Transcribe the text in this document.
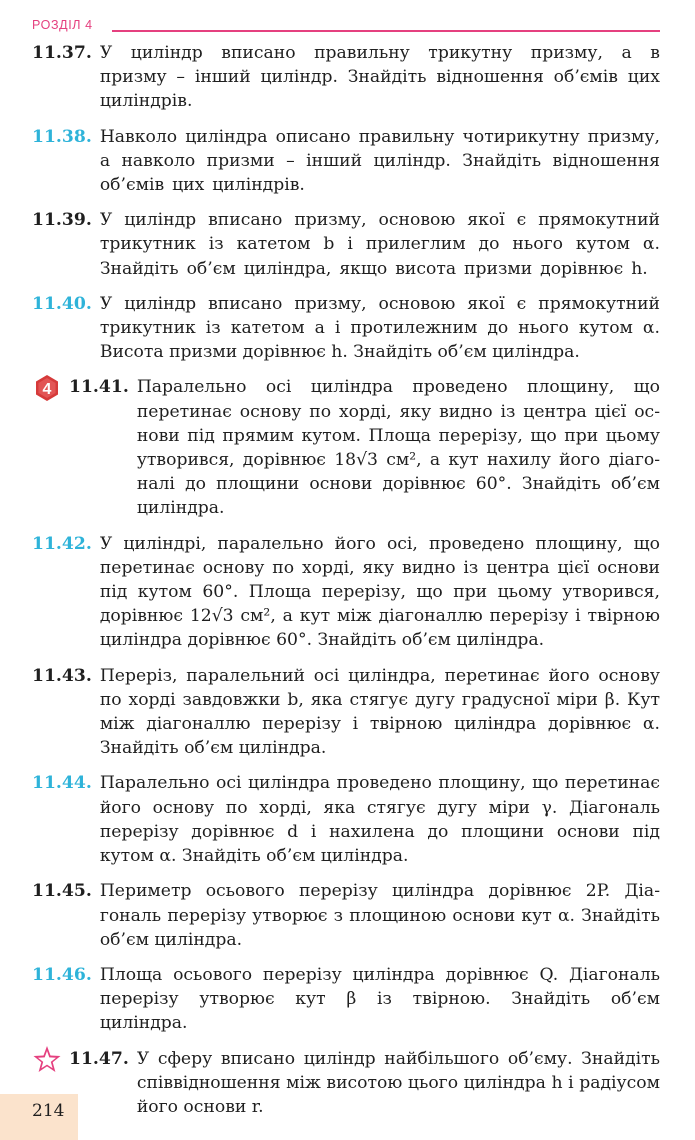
РОЗДІЛ 4
11.37. У циліндр вписано правильну трикутну призму, а в призму – інший циліндр. Знайдіть відношення об’ємів цих циліндрів.
11.38. Навколо циліндра описано правильну чотирикутну призму, а навколо призми – інший циліндр. Знайдіть відношення об’ємів цих циліндрів.
11.39. У циліндр вписано призму, основою якої є прямокутний трикутник із катетом b і прилеглим до нього кутом α. Знайдіть об’єм циліндра, якщо висота призми дорівнює h.
11.40. У циліндр вписано призму, основою якої є прямокутний трикутник із катетом a і протилежним до нього кутом α. Висота призми дорівнює h. Знайдіть об’єм циліндра.
4 11.41. Паралельно осі циліндра проведено площину, що перетинає основу по хорді, яку видно із центра цієї основи під прямим кутом. Площа перерізу, що при цьому утворився, дорівнює 18√3 см², а кут нахилу його діагоналі до площини основи дорівнює 60°. Знайдіть об’єм циліндра.
11.42. У циліндрі, паралельно його осі, проведено площину, що перетинає основу по хорді, яку видно із центра цієї основи під кутом 60°. Площа перерізу, що при цьому утворився, дорівнює 12√3 см², а кут між діагоналлю перерізу і твірною циліндра дорівнює 60°. Знайдіть об’єм циліндра.
11.43. Переріз, паралельний осі циліндра, перетинає його основу по хорді завдовжки b, яка стягує дугу градусної міри β. Кут між діагоналлю перерізу і твірною циліндра дорівнює α. Знайдіть об’єм циліндра.
11.44. Паралельно осі циліндра проведено площину, що перетинає його основу по хорді, яка стягує дугу міри γ. Діагональ перерізу дорівнює d і нахилена до площини основи під кутом α. Знайдіть об’єм циліндра.
11.45. Периметр осьового перерізу циліндра дорівнює 2P. Діагональ перерізу утворює з площиною основи кут α. Знайдіть об’єм циліндра.
11.46. Площа осьового перерізу циліндра дорівнює Q. Діагональ перерізу утворює кут β із твірною. Знайдіть об’єм циліндра.
11.47. У сферу вписано циліндр найбільшого об’єму. Знайдіть співвідношення між висотою цього циліндра h і радіусом його основи r.
214
